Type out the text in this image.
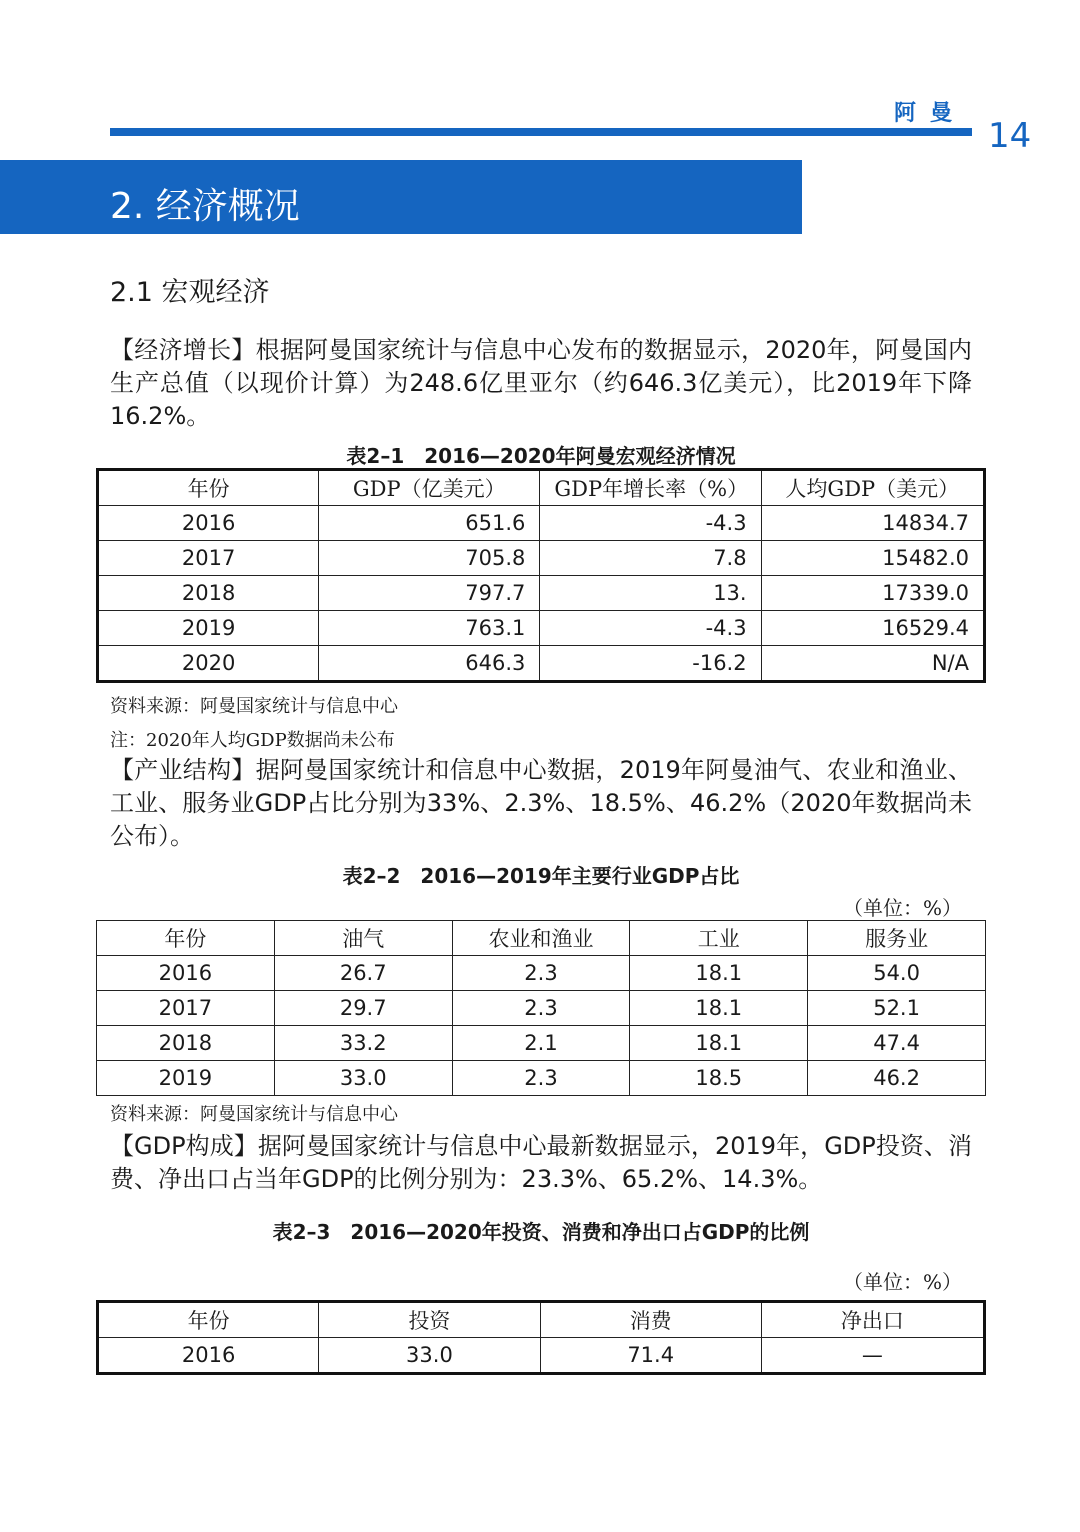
阿曼
14
2. 经济概况
2.1 宏观经济
【经济增长】根据阿曼国家统计与信息中心发布的数据显示，2020年，阿曼国内生产总值（以现价计算）为248.6亿里亚尔（约646.3亿美元），比2019年下降16.2%。
表2–1　2016—2020年阿曼宏观经济情况
年份	GDP（亿美元）	GDP年增长率（%）	人均GDP（美元）
2016	651.6	-4.3	14834.7
2017	705.8	7.8	15482.0
2018	797.7	13.	17339.0
2019	763.1	-4.3	16529.4
2020	646.3	-16.2	N/A
资料来源：阿曼国家统计与信息中心
注：2020年人均GDP数据尚未公布
【产业结构】据阿曼国家统计和信息中心数据，2019年阿曼油气、农业和渔业、工业、服务业GDP占比分别为33%、2.3%、18.5%、46.2%（2020年数据尚未公布）。
表2–2　2016—2019年主要行业GDP占比
（单位：%）
年份	油气	农业和渔业	工业	服务业
2016	26.7	2.3	18.1	54.0
2017	29.7	2.3	18.1	52.1
2018	33.2	2.1	18.1	47.4
2019	33.0	2.3	18.5	46.2
资料来源：阿曼国家统计与信息中心
【GDP构成】据阿曼国家统计与信息中心最新数据显示，2019年，GDP投资、消费、净出口占当年GDP的比例分别为：23.3%、65.2%、14.3%。
表2–3　2016—2020年投资、消费和净出口占GDP的比例
（单位：%）
年份	投资	消费	净出口
2016	33.0	71.4	—
